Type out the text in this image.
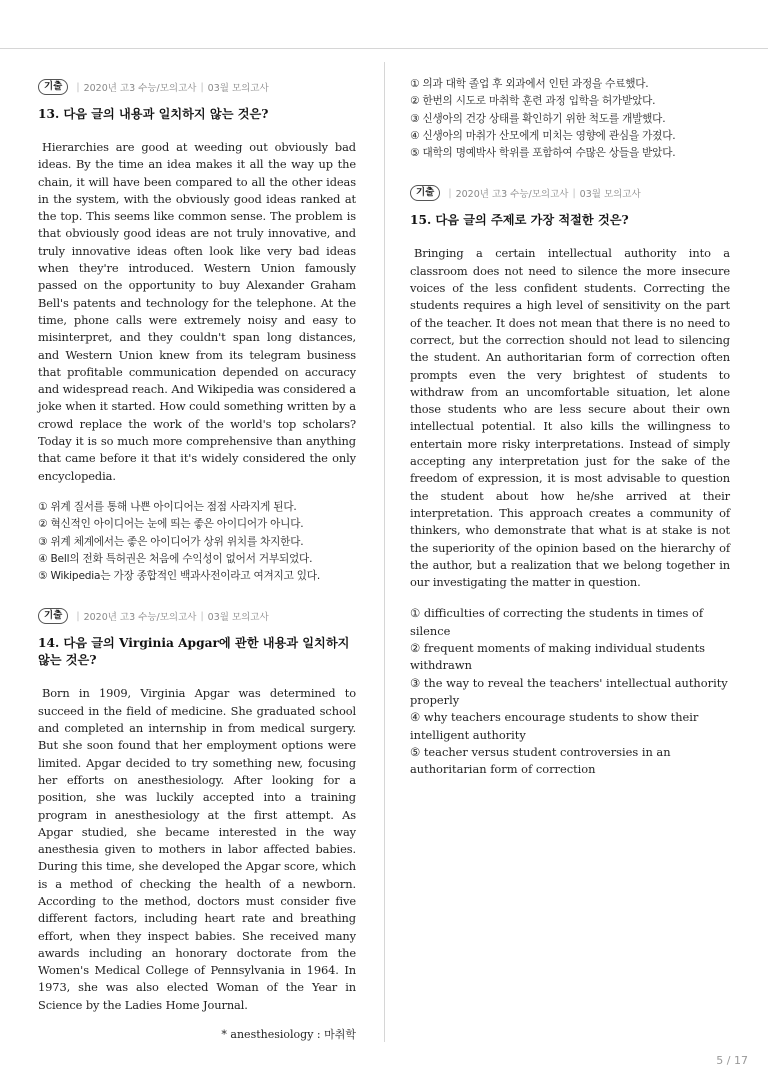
기출	| 2020년 고3 수능/모의고사 | 03월 모의고사
13. 다음 글의 내용과 일치하지 않는 것은?

Hierarchies are good at weeding out obviously bad ideas. By the time an idea makes it all the way up the chain, it will have been compared to all the other ideas in the system, with the obviously good ideas ranked at the top. This seems like common sense. The problem is that obviously good ideas are not truly innovative, and truly innovative ideas often look like very bad ideas when they're introduced. Western Union famously passed on the opportunity to buy Alexander Graham Bell's patents and technology for the telephone. At the time, phone calls were extremely noisy and easy to misinterpret, and they couldn't span long distances, and Western Union knew from its telegram business that profitable communication depended on accuracy and widespread reach. And Wikipedia was considered a joke when it started. How could something written by a crowd replace the work of the world's top scholars? Today it is so much more comprehensive than anything that came before it that it's widely considered the only encyclopedia.

① 위계 질서를 통해 나쁜 아이디어는 점점 사라지게 된다.
② 혁신적인 아이디어는 눈에 띄는 좋은 아이디어가 아니다.
③ 위계 체계에서는 좋은 아이디어가 상위 위치를 차지한다.
④ Bell의 전화 특허권은 처음에 수익성이 없어서 거부되었다.
⑤ Wikipedia는 가장 종합적인 백과사전이라고 여겨지고 있다.
기출	| 2020년 고3 수능/모의고사 | 03월 모의고사
14. 다음 글의 Virginia Apgar에 관한 내용과 일치하지 않는 것은?

Born in 1909, Virginia Apgar was determined to succeed in the field of medicine. She graduated school and completed an internship in from medical surgery. But she soon found that her employment options were limited. Apgar decided to try something new, focusing her efforts on anesthesiology. After looking for a position, she was luckily accepted into a training program in anesthesiology at the first attempt. As Apgar studied, she became interested in the way anesthesia given to mothers in labor affected babies. During this time, she developed the Apgar score, which is a method of checking the health of a newborn. According to the method, doctors must consider five different factors, including heart rate and breathing effort, when they inspect babies. She received many awards including an honorary doctorate from the Women's Medical College of Pennsylvania in 1964. In 1973, she was also elected Woman of the Year in Science by the Ladies Home Journal.

* anesthesiology : 마취학
① 의과 대학 졸업 후 외과에서 인턴 과정을 수료했다.
② 한번의 시도로 마취학 훈련 과정 입학을 허가받았다.
③ 신생아의 건강 상태를 확인하기 위한 척도를 개발했다.
④ 신생아의 마취가 산모에게 미치는 영향에 관심을 가졌다.
⑤ 대학의 명예박사 학위를 포함하여 수많은 상들을 받았다.
기출	| 2020년 고3 수능/모의고사 | 03월 모의고사
15. 다음 글의 주제로 가장 적절한 것은?

Bringing a certain intellectual authority into a classroom does not need to silence the more insecure voices of the less confident students. Correcting the students requires a high level of sensitivity on the part of the teacher. It does not mean that there is no need to correct, but the correction should not lead to silencing the student. An authoritarian form of correction often prompts even the very brightest of students to withdraw from an uncomfortable situation, let alone those students who are less secure about their own intellectual potential. It also kills the willingness to entertain more risky interpretations. Instead of simply accepting any interpretation just for the sake of the freedom of expression, it is most advisable to question the student about how he/she arrived at their interpretation. This approach creates a community of thinkers, who demonstrate that what is at stake is not the superiority of the opinion based on the hierarchy of the author, but a realization that we belong together in our investigating the matter in question.

① difficulties of correcting the students in times of silence
② frequent moments of making individual students withdrawn
③ the way to reveal the teachers' intellectual authority properly
④ why teachers encourage students to show their intelligent authority
⑤ teacher versus student controversies in an authoritarian form of correction
5 / 17
